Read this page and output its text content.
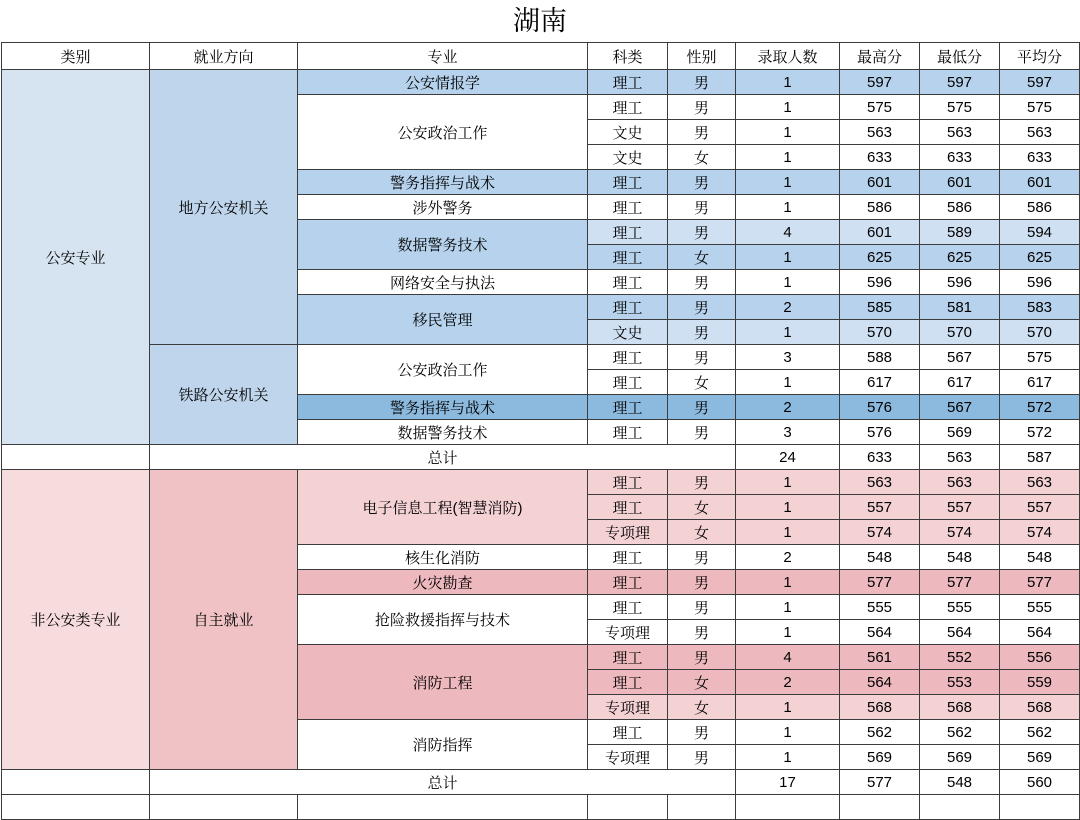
湖南
类别	就业方向	专业	科类	性别	录取人数	最高分	最低分	平均分
公安专业	地方公安机关	公安情报学	理工	男	1	597	597	597
		公安政治工作	理工	男	1	575	575	575
			文史	男	1	563	563	563
			文史	女	1	633	633	633
		警务指挥与战术	理工	男	1	601	601	601
		涉外警务	理工	男	1	586	586	586
		数据警务技术	理工	男	4	601	589	594
			理工	女	1	625	625	625
		网络安全与执法	理工	男	1	596	596	596
		移民管理	理工	男	2	585	581	583
			文史	男	1	570	570	570
	铁路公安机关	公安政治工作	理工	男	3	588	567	575
			理工	女	1	617	617	617
		警务指挥与战术	理工	男	2	576	567	572
		数据警务技术	理工	男	3	576	569	572
	总计				24	633	563	587
非公安类专业	自主就业	电子信息工程(智慧消防)	理工	男	1	563	563	563
			理工	女	1	557	557	557
			专项理	女	1	574	574	574
		核生化消防	理工	男	2	548	548	548
		火灾勘查	理工	男	1	577	577	577
		抢险救援指挥与技术	理工	男	1	555	555	555
			专项理	男	1	564	564	564
		消防工程	理工	男	4	561	552	556
			理工	女	2	564	553	559
			专项理	女	1	568	568	568
		消防指挥	理工	男	1	562	562	562
			专项理	男	1	569	569	569
	总计				17	577	548	560
